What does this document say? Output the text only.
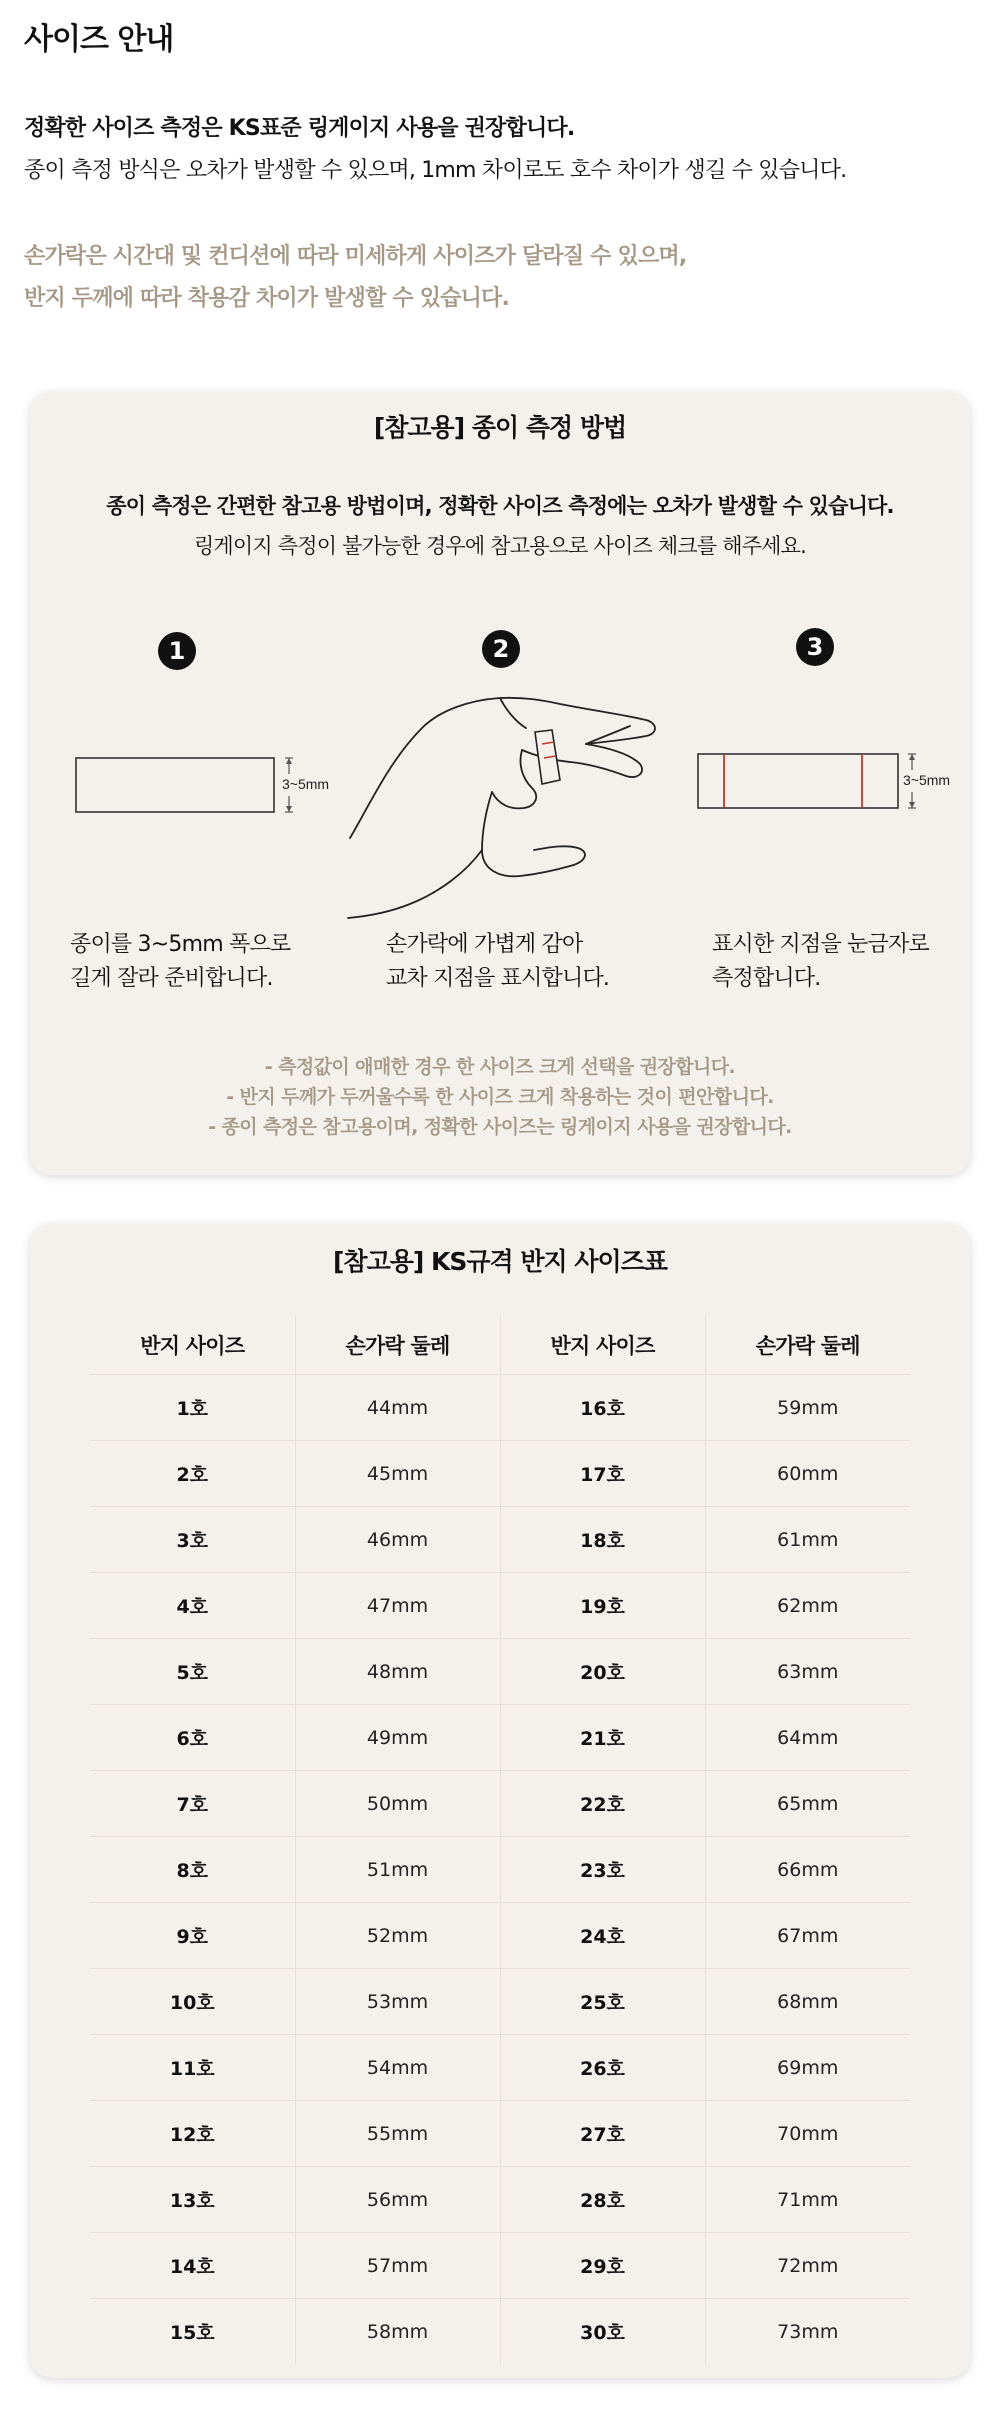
사이즈 안내
정확한 사이즈 측정은 KS표준 링게이지 사용을 권장합니다.
종이 측정 방식은 오차가 발생할 수 있으며, 1mm 차이로도 호수 차이가 생길 수 있습니다.
손가락은 시간대 및 컨디션에 따라 미세하게 사이즈가 달라질 수 있으며,
반지 두께에 따라 착용감 차이가 발생할 수 있습니다.
[참고용] 종이 측정 방법
종이 측정은 간편한 참고용 방법이며, 정확한 사이즈 측정에는 오차가 발생할 수 있습니다.
링게이지 측정이 불가능한 경우에 참고용으로 사이즈 체크를 해주세요.
1	2	3
3~5mm	3~5mm
종이를 3~5mm 폭으로
길게 잘라 준비합니다.
손가락에 가볍게 감아
교차 지점을 표시합니다.
표시한 지점을 눈금자로
측정합니다.
- 측정값이 애매한 경우 한 사이즈 크게 선택을 권장합니다.
- 반지 두께가 두꺼울수록 한 사이즈 크게 착용하는 것이 편안합니다.
- 종이 측정은 참고용이며, 정확한 사이즈는 링게이지 사용을 권장합니다.
[참고용] KS규격 반지 사이즈표
반지 사이즈	손가락 둘레	반지 사이즈	손가락 둘레
1호	44mm	16호	59mm
2호	45mm	17호	60mm
3호	46mm	18호	61mm
4호	47mm	19호	62mm
5호	48mm	20호	63mm
6호	49mm	21호	64mm
7호	50mm	22호	65mm
8호	51mm	23호	66mm
9호	52mm	24호	67mm
10호	53mm	25호	68mm
11호	54mm	26호	69mm
12호	55mm	27호	70mm
13호	56mm	28호	71mm
14호	57mm	29호	72mm
15호	58mm	30호	73mm
